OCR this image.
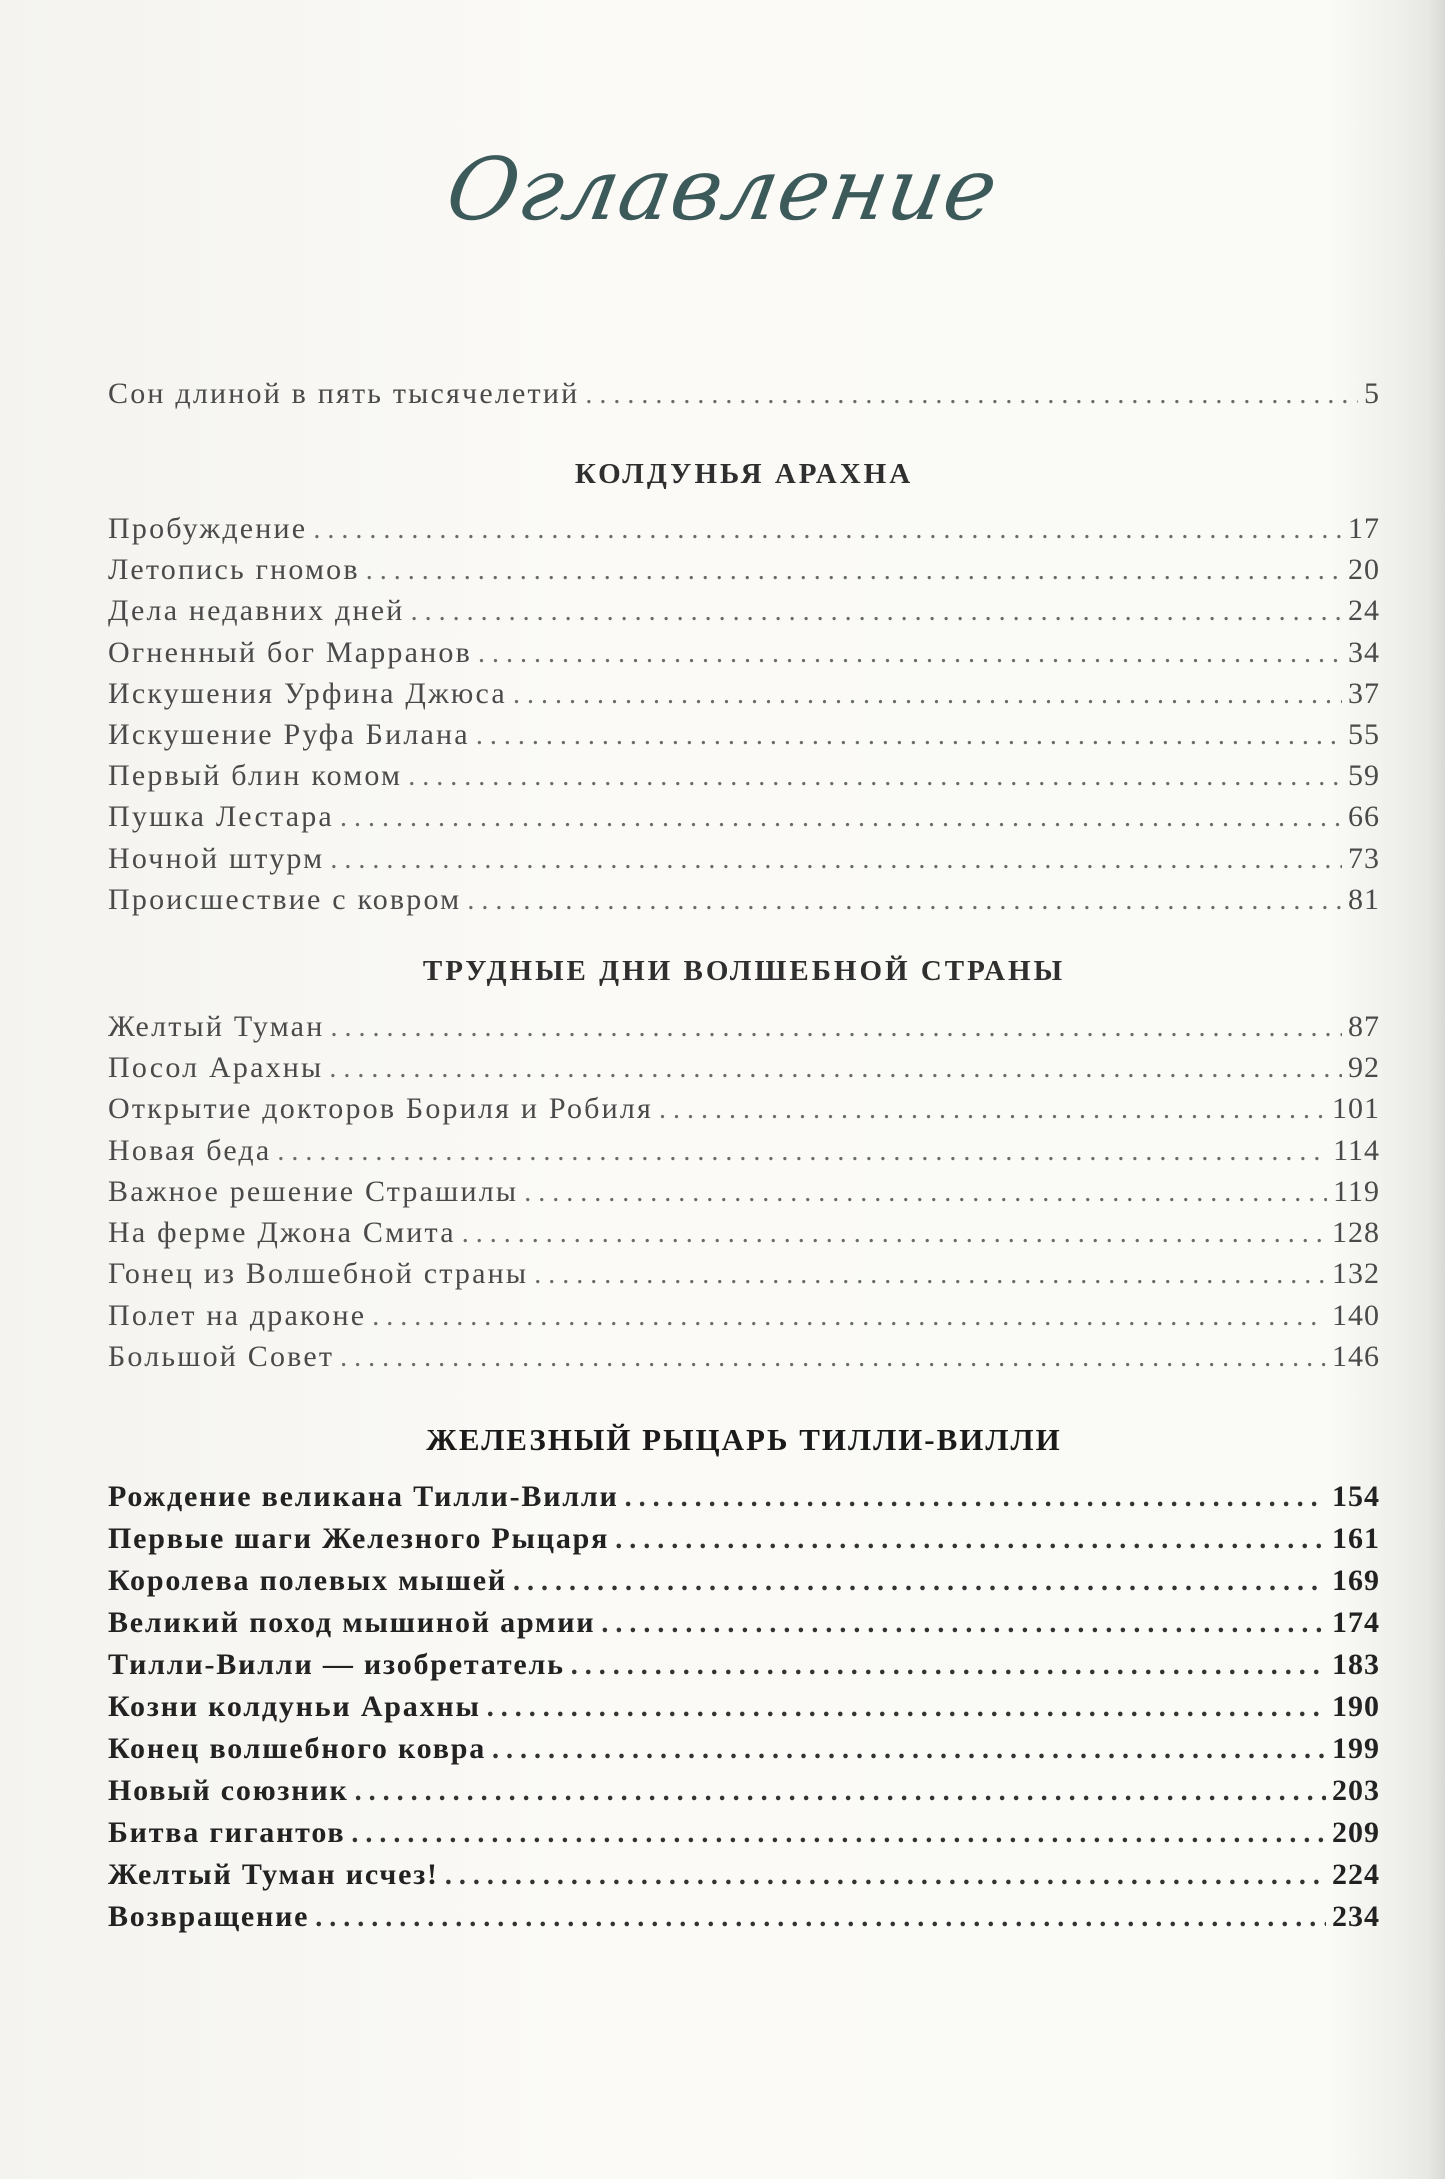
Оглавление
Сон длиной в пять тысячелетий . . .	5
КОЛДУНЬЯ АРАХНА
Пробуждение . . .	17
Летопись гномов . . .	20
Дела недавних дней . . .	24
Огненный бог Марранов . . .	34
Искушения Урфина Джюса . . .	37
Искушение Руфа Билана . . .	55
Первый блин комом . . .	59
Пушка Лестара . . .	66
Ночной штурм . . .	73
Происшествие с ковром . . .	81
ТРУДНЫЕ ДНИ ВОЛШЕБНОЙ СТРАНЫ
Желтый Туман . . .	87
Посол Арахны . . .	92
Открытие докторов Бориля и Робиля . . .	101
Новая беда . . .	114
Важное решение Страшилы . . .	119
На ферме Джона Смита . . .	128
Гонец из Волшебной страны . . .	132
Полет на драконе . . .	140
Большой Совет . . .	146
ЖЕЛЕЗНЫЙ РЫЦАРЬ ТИЛЛИ-ВИЛЛИ
Рождение великана Тилли-Вилли . . .	154
Первые шаги Железного Рыцаря . . .	161
Королева полевых мышей . . .	169
Великий поход мышиной армии . . .	174
Тилли-Вилли — изобретатель . . .	183
Козни колдуньи Арахны . . .	190
Конец волшебного ковра . . .	199
Новый союзник . . .	203
Битва гигантов . . .	209
Желтый Туман исчез! . . .	224
Возвращение . . .	234
